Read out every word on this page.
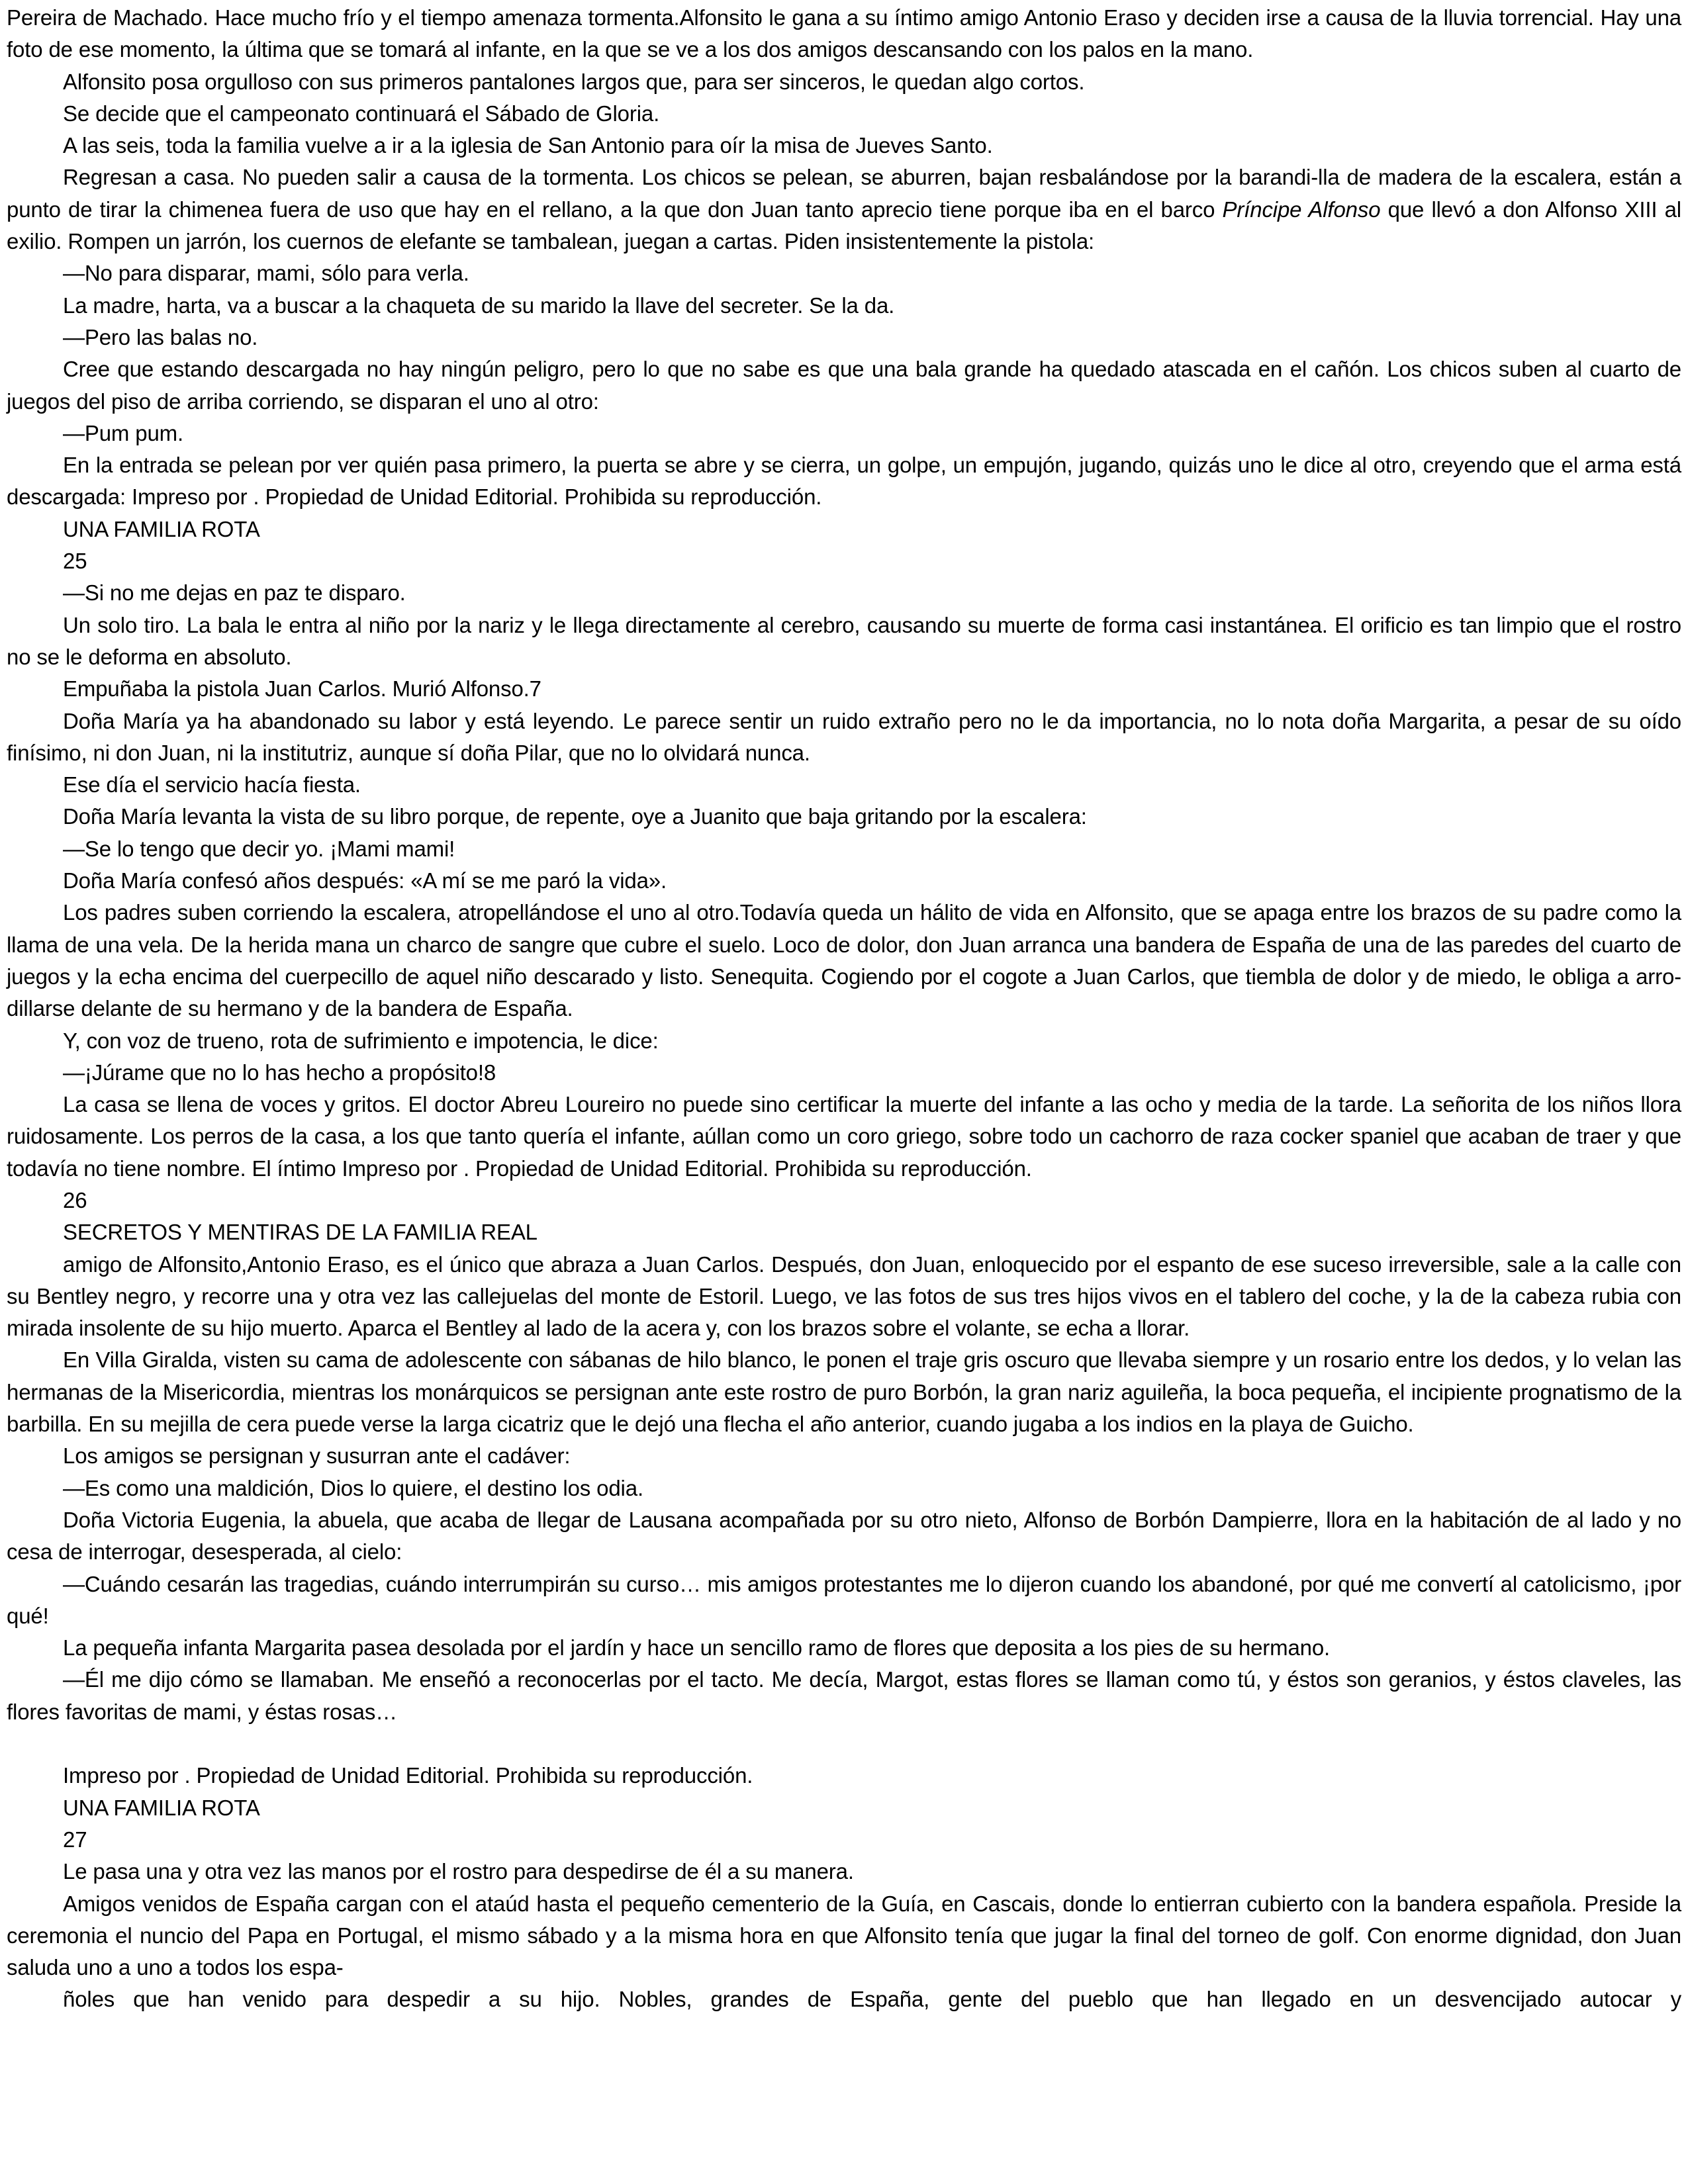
Pereira de Machado. Hace mucho frío y el tiempo amenaza tormenta.Alfonsito le gana a su íntimo amigo Antonio Eraso y deciden irse a causa de la lluvia torrencial. Hay una foto de ese momento, la última que se tomará al infante, en la que se ve a los dos amigos descansando con los palos en la mano.

Alfonsito posa orgulloso con sus primeros pantalones largos que, para ser sinceros, le quedan algo cortos.

Se decide que el campeonato continuará el Sábado de Gloria.

A las seis, toda la familia vuelve a ir a la iglesia de San Antonio para oír la misa de Jueves Santo.

Regresan a casa. No pueden salir a causa de la tormenta. Los chicos se pelean, se aburren, bajan resbalándose por la barandi-lla de madera de la escalera, están a punto de tirar la chimenea fuera de uso que hay en el rellano, a la que don Juan tanto aprecio tiene porque iba en el barco Príncipe Alfonso que llevó a don Alfonso XIII al exilio. Rompen un jarrón, los cuernos de elefante se tambalean, juegan a cartas. Piden insistentemente la pistola:

—No para disparar, mami, sólo para verla.

La madre, harta, va a buscar a la chaqueta de su marido la llave del secreter. Se la da.

—Pero las balas no.

Cree que estando descargada no hay ningún peligro, pero lo que no sabe es que una bala grande ha quedado atascada en el cañón. Los chicos suben al cuarto de juegos del piso de arriba corriendo, se disparan el uno al otro:

—Pum pum.

En la entrada se pelean por ver quién pasa primero, la puerta se abre y se cierra, un golpe, un empujón, jugando, quizás uno le dice al otro, creyendo que el arma está descargada: Impreso por . Propiedad de Unidad Editorial. Prohibida su reproducción.

UNA FAMILIA ROTA

25

—Si no me dejas en paz te disparo.

Un solo tiro. La bala le entra al niño por la nariz y le llega directamente al cerebro, causando su muerte de forma casi instantánea. El orificio es tan limpio que el rostro no se le deforma en absoluto.

Empuñaba la pistola Juan Carlos. Murió Alfonso.7

Doña María ya ha abandonado su labor y está leyendo. Le parece sentir un ruido extraño pero no le da importancia, no lo nota doña Margarita, a pesar de su oído finísimo, ni don Juan, ni la institutriz, aunque sí doña Pilar, que no lo olvidará nunca.

Ese día el servicio hacía fiesta.

Doña María levanta la vista de su libro porque, de repente, oye a Juanito que baja gritando por la escalera:

—Se lo tengo que decir yo. ¡Mami mami!

Doña María confesó años después: «A mí se me paró la vida».

Los padres suben corriendo la escalera, atropellándose el uno al otro.Todavía queda un hálito de vida en Alfonsito, que se apaga entre los brazos de su padre como la llama de una vela. De la herida mana un charco de sangre que cubre el suelo. Loco de dolor, don Juan arranca una bandera de España de una de las paredes del cuarto de juegos y la echa encima del cuerpecillo de aquel niño descarado y listo. Senequita. Cogiendo por el cogote a Juan Carlos, que tiembla de dolor y de miedo, le obliga a arro-dillarse delante de su hermano y de la bandera de España.

Y, con voz de trueno, rota de sufrimiento e impotencia, le dice:

—¡Júrame que no lo has hecho a propósito!8

La casa se llena de voces y gritos. El doctor Abreu Loureiro no puede sino certificar la muerte del infante a las ocho y media de la tarde. La señorita de los niños llora ruidosamente. Los perros de la casa, a los que tanto quería el infante, aúllan como un coro griego, sobre todo un cachorro de raza cocker spaniel que acaban de traer y que todavía no tiene nombre. El íntimo Impreso por . Propiedad de Unidad Editorial. Prohibida su reproducción.

26

SECRETOS Y MENTIRAS DE LA FAMILIA REAL

amigo de Alfonsito,Antonio Eraso, es el único que abraza a Juan Carlos. Después, don Juan, enloquecido por el espanto de ese suceso irreversible, sale a la calle con su Bentley negro, y recorre una y otra vez las callejuelas del monte de Estoril. Luego, ve las fotos de sus tres hijos vivos en el tablero del coche, y la de la cabeza rubia con mirada insolente de su hijo muerto. Aparca el Bentley al lado de la acera y, con los brazos sobre el volante, se echa a llorar.

En Villa Giralda, visten su cama de adolescente con sábanas de hilo blanco, le ponen el traje gris oscuro que llevaba siempre y un rosario entre los dedos, y lo velan las hermanas de la Misericordia, mientras los monárquicos se persignan ante este rostro de puro Borbón, la gran nariz aguileña, la boca pequeña, el incipiente prognatismo de la barbilla. En su mejilla de cera puede verse la larga cicatriz que le dejó una flecha el año anterior, cuando jugaba a los indios en la playa de Guicho.

Los amigos se persignan y susurran ante el cadáver:

—Es como una maldición, Dios lo quiere, el destino los odia.

Doña Victoria Eugenia, la abuela, que acaba de llegar de Lausana acompañada por su otro nieto, Alfonso de Borbón Dampierre, llora en la habitación de al lado y no cesa de interrogar, desesperada, al cielo:

—Cuándo cesarán las tragedias, cuándo interrumpirán su curso… mis amigos protestantes me lo dijeron cuando los abandoné, por qué me convertí al catolicismo, ¡por qué!

La pequeña infanta Margarita pasea desolada por el jardín y hace un sencillo ramo de flores que deposita a los pies de su hermano.

—Él me dijo cómo se llamaban. Me enseñó a reconocerlas por el tacto. Me decía, Margot, estas flores se llaman como tú, y éstos son geranios, y éstos claveles, las flores favoritas de mami, y éstas rosas…

Impreso por . Propiedad de Unidad Editorial. Prohibida su reproducción.

UNA FAMILIA ROTA

27

Le pasa una y otra vez las manos por el rostro para despedirse de él a su manera.

Amigos venidos de España cargan con el ataúd hasta el pequeño cementerio de la Guía, en Cascais, donde lo entierran cubierto con la bandera española. Preside la ceremonia el nuncio del Papa en Portugal, el mismo sábado y a la misma hora en que Alfonsito tenía que jugar la final del torneo de golf. Con enorme dignidad, don Juan saluda uno a uno a todos los espa-

ñoles que han venido para despedir a su hijo. Nobles, grandes de España, gente del pueblo que han llegado en un desvencijado autocar y
